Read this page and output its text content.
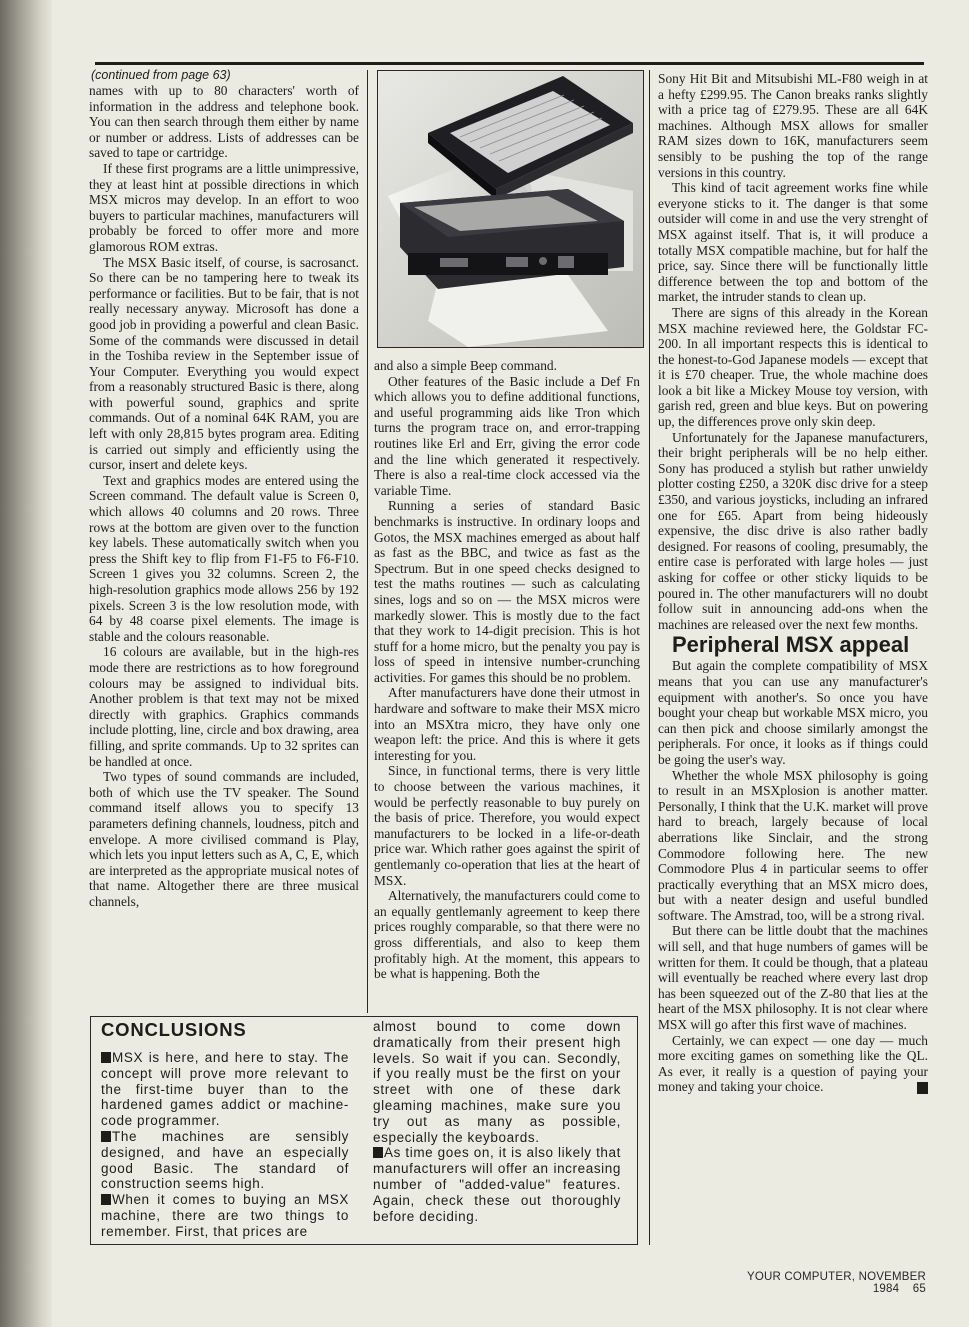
(continued from page 63)

names with up to 80 characters' worth of information in the address and telephone book. You can then search through them either by name or number or address. Lists of addresses can be saved to tape or cartridge.

If these first programs are a little unimpressive, they at least hint at possible directions in which MSX micros may develop. In an effort to woo buyers to particular machines, manufacturers will probably be forced to offer more and more glamorous ROM extras.

The MSX Basic itself, of course, is sacrosanct. So there can be no tampering here to tweak its performance or facilities. But to be fair, that is not really necessary anyway. Microsoft has done a good job in providing a powerful and clean Basic. Some of the commands were discussed in detail in the Toshiba review in the September issue of Your Computer. Everything you would expect from a reasonably structured Basic is there, along with powerful sound, graphics and sprite commands. Out of a nominal 64K RAM, you are left with only 28,815 bytes program area. Editing is carried out simply and efficiently using the cursor, insert and delete keys.

Text and graphics modes are entered using the Screen command. The default value is Screen 0, which allows 40 columns and 20 rows. Three rows at the bottom are given over to the function key labels. These automatically switch when you press the Shift key to flip from F1-F5 to F6-F10. Screen 1 gives you 32 columns. Screen 2, the high-resolution graphics mode allows 256 by 192 pixels. Screen 3 is the low resolution mode, with 64 by 48 coarse pixel elements. The image is stable and the colours reasonable.

16 colours are available, but in the high-res mode there are restrictions as to how foreground colours may be assigned to individual bits. Another problem is that text may not be mixed directly with graphics. Graphics commands include plotting, line, circle and box drawing, area filling, and sprite commands. Up to 32 sprites can be handled at once.

Two types of sound commands are included, both of which use the TV speaker. The Sound command itself allows you to specify 13 parameters defining channels, loudness, pitch and envelope. A more civilised command is Play, which lets you input letters such as A, C, E, which are interpreted as the appropriate musical notes of that name. Altogether there are three musical channels,

and also a simple Beep command.

Other features of the Basic include a Def Fn which allows you to define additional functions, and useful programming aids like Tron which turns the program trace on, and error-trapping routines like Erl and Err, giving the error code and the line which generated it respectively. There is also a real-time clock accessed via the variable Time.

Running a series of standard Basic benchmarks is instructive. In ordinary loops and Gotos, the MSX machines emerged as about half as fast as the BBC, and twice as fast as the Spectrum. But in one speed checks designed to test the maths routines — such as calculating sines, logs and so on — the MSX micros were markedly slower. This is mostly due to the fact that they work to 14-digit precision. This is hot stuff for a home micro, but the penalty you pay is loss of speed in intensive number-crunching activities. For games this should be no problem.

After manufacturers have done their utmost in hardware and software to make their MSX micro into an MSXtra micro, they have only one weapon left: the price. And this is where it gets interesting for you.

Since, in functional terms, there is very little to choose between the various machines, it would be perfectly reasonable to buy purely on the basis of price. Therefore, you would expect manufacturers to be locked in a life-or-death price war. Which rather goes against the spirit of gentlemanly co-operation that lies at the heart of MSX.

Alternatively, the manufacturers could come to an equally gentlemanly agreement to keep there prices roughly comparable, so that there were no gross differentials, and also to keep them profitably high. At the moment, this appears to be what is happening. Both the

Sony Hit Bit and Mitsubishi ML-F80 weigh in at a hefty £299.95. The Canon breaks ranks slightly with a price tag of £279.95. These are all 64K machines. Although MSX allows for smaller RAM sizes down to 16K, manufacturers seem sensibly to be pushing the top of the range versions in this country.

This kind of tacit agreement works fine while everyone sticks to it. The danger is that some outsider will come in and use the very strenght of MSX against itself. That is, it will produce a totally MSX compatible machine, but for half the price, say. Since there will be functionally little difference between the top and bottom of the market, the intruder stands to clean up.

There are signs of this already in the Korean MSX machine reviewed here, the Goldstar FC-200. In all important respects this is identical to the honest-to-God Japanese models — except that it is £70 cheaper. True, the whole machine does look a bit like a Mickey Mouse toy version, with garish red, green and blue keys. But on powering up, the differences prove only skin deep.

Unfortunately for the Japanese manufacturers, their bright peripherals will be no help either. Sony has produced a stylish but rather unwieldy plotter costing £250, a 320K disc drive for a steep £350, and various joysticks, including an infrared one for £65. Apart from being hideously expensive, the disc drive is also rather badly designed. For reasons of cooling, presumably, the entire case is perforated with large holes — just asking for coffee or other sticky liquids to be poured in. The other manufacturers will no doubt follow suit in announcing add-ons when the machines are released over the next few months.

Peripheral MSX appeal

But again the complete compatibility of MSX means that you can use any manufacturer's equipment with another's. So once you have bought your cheap but workable MSX micro, you can then pick and choose similarly amongst the peripherals. For once, it looks as if things could be going the user's way.

Whether the whole MSX philosophy is going to result in an MSXplosion is another matter. Personally, I think that the U.K. market will prove hard to breach, largely because of local aberrations like Sinclair, and the strong Commodore following here. The new Commodore Plus 4 in particular seems to offer practically everything that an MSX micro does, but with a neater design and useful bundled software. The Amstrad, too, will be a strong rival.

But there can be little doubt that the machines will sell, and that huge numbers of games will be written for them. It could be though, that a plateau will eventually be reached where every last drop has been squeezed out of the Z-80 that lies at the heart of the MSX philosophy. It is not clear where MSX will go after this first wave of machines.

Certainly, we can expect — one day — much more exciting games on something like the QL. As ever, it really is a question of paying your money and taking your choice.

CONCLUSIONS

MSX is here, and here to stay. The concept will prove more relevant to the first-time buyer than to the hardened games addict or machine-code programmer.

The machines are sensibly designed, and have an especially good Basic. The standard of construction seems high.

When it comes to buying an MSX machine, there are two things to remember. First, that prices are

almost bound to come down dramatically from their present high levels. So wait if you can. Secondly, if you really must be the first on your street with one of these dark gleaming machines, make sure you try out as many as possible, especially the keyboards.

As time goes on, it is also likely that manufacturers will offer an increasing number of "added-value" features. Again, check these out thoroughly before deciding.

YOUR COMPUTER, NOVEMBER 1984 65
